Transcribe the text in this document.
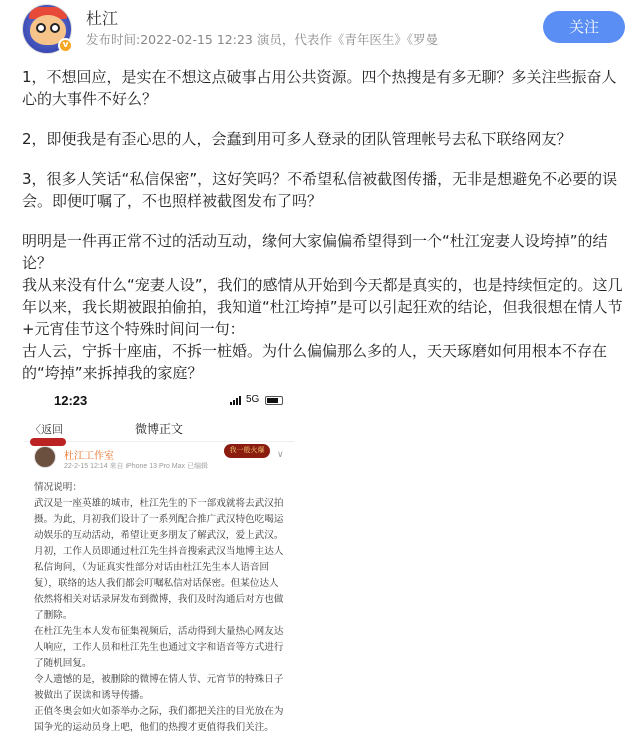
v
杜江
发布时间:2022-02-15 12:23 演员，代表作《青年医生》《罗曼
关注

1，不想回应，是实在不想这点破事占用公共资源。四个热搜是有多无聊？多关注些振奋人心的大事件不好么？

2，即便我是有歪心思的人，会蠢到用可多人登录的团队管理帐号去私下联络网友？

3，很多人笑话“私信保密”，这好笑吗？不希望私信被截图传播，无非是想避免不必要的误会。即便叮嘱了，不也照样被截图发布了吗？

明明是一件再正常不过的活动互动，缘何大家偏偏希望得到一个“杜江宠妻人设垮掉”的结论？
我从来没有什么“宠妻人设”，我们的感情从开始到今天都是真实的，也是持续恒定的。这几年以来，我长期被跟拍偷拍，我知道“杜江垮掉”是可以引起狂欢的结论，但我很想在情人节+元宵佳节这个特殊时间问一句：
古人云，宁拆十座庙，不拆一桩婚。为什么偏偏那么多的人，天天琢磨如何用根本不存在的“垮掉”来拆掉我的家庭？

12:23	5G
〈返回	微博正文
杜江工作室
22-2-15 12:14 来自 iPhone 13 Pro Max 已编辑
我一般火爆	∨

情况说明：

武汉是一座英雄的城市，杜江先生的下一部戏就将去武汉拍摄。为此，月初我们设计了一系列配合推广武汉特色吃喝运动娱乐的互动活动，希望让更多朋友了解武汉，爱上武汉。

月初，工作人员即通过杜江先生抖音搜索武汉当地博主达人私信询问，（为证真实性部分对话由杜江先生本人语音回复），联络的达人我们都会叮嘱私信对话保密。但某位达人依然将相关对话录屏发布到微博，我们及时沟通后对方也做了删除。

在杜江先生本人发布征集视频后，活动得到大量热心网友达人响应，工作人员和杜江先生也通过文字和语音等方式进行了随机回复。

令人遗憾的是，被删除的微博在情人节、元宵节的特殊日子被做出了误读和诱导传播。

正值冬奥会如火如荼举办之际，我们都把关注的目光放在为国争光的运动员身上吧，他们的热搜才更值得我们关注。
